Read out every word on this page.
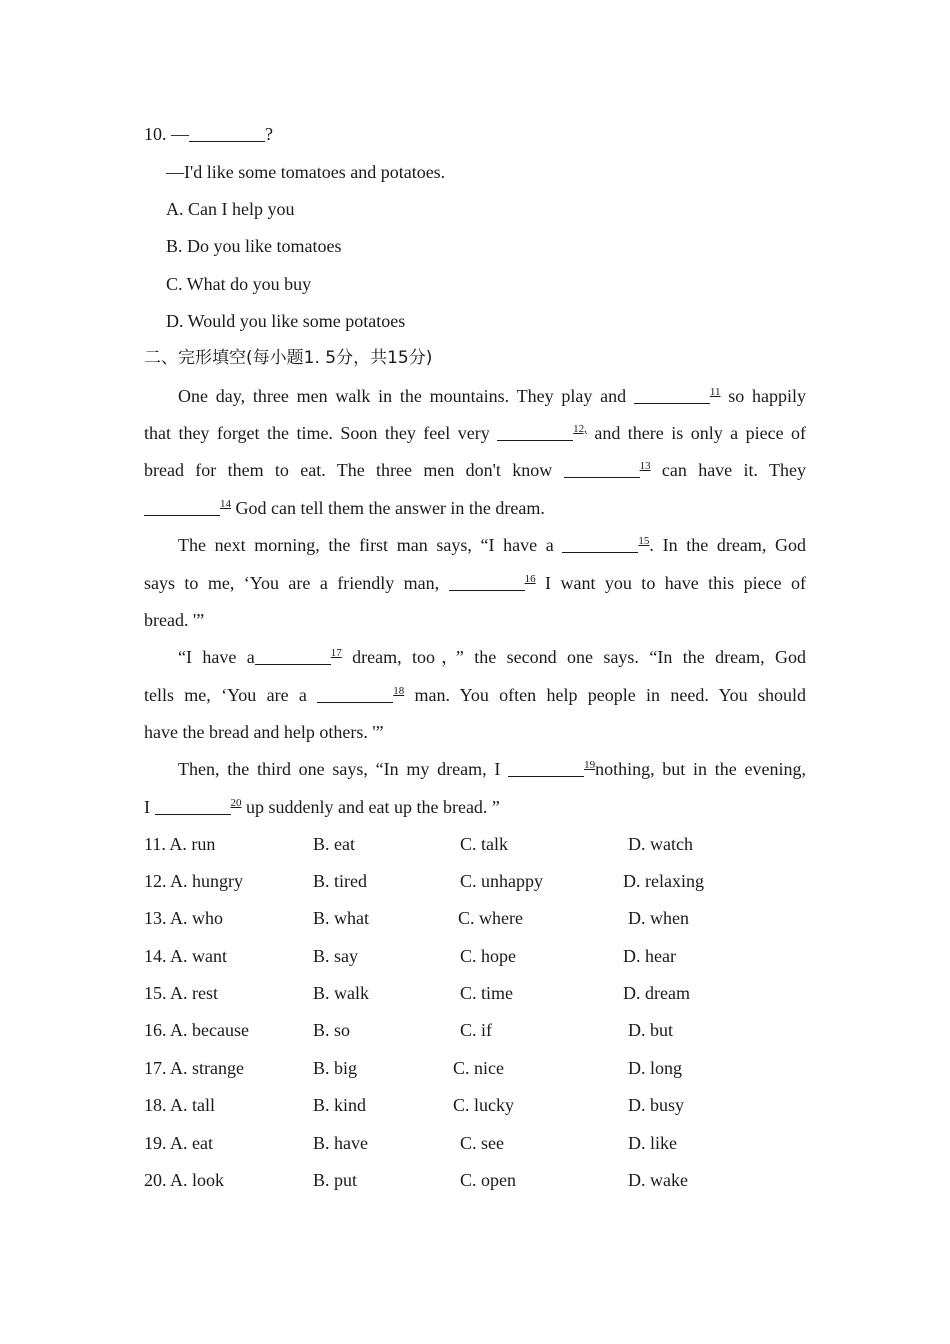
10. —	?
—I'd like some tomatoes and potatoes.
A. Can I help you
B. Do you like tomatoes
C. What do you buy
D. Would you like some potatoes
二、完形填空(每小题1. 5分，共15分)
One day, three men walk in the mountains. They play and	$^{11}$ so happily
that they forget the time. Soon they feel very	$^{12,}$ and there is only a piece of
bread for them to eat. The three men don't know	$^{13}$ can have it. They
$^{14}$ God can tell them the answer in the dream.
The next morning, the first man says, “I have a	$^{15}$. In the dream, God
says to me, ‘You are a friendly man,	$^{16}$ I want you to have this piece of
bread. '”
“I have a	$^{17}$ dream, too，” the second one says. “In the dream, God
tells me, ‘You are a	$^{18}$ man. You often help people in need. You should
have the bread and help others. '”
Then, the third one says, “In my dream, I	$^{19}$nothing, but in the evening,
I	$^{20}$ up suddenly and eat up the bread. ”
11. A. run	B. eat	C. talk	D. watch
12. A. hungry	B. tired	C. unhappy	D. relaxing
13. A. who	B. what	C. where	D. when
14. A. want	B. say	C. hope	D. hear
15. A. rest	B. walk	C. time	D. dream
16. A. because	B. so	C. if	D. but
17. A. strange	B. big	C. nice	D. long
18. A. tall	B. kind	C. lucky	D. busy
19. A. eat	B. have	C. see	D. like
20. A. look	B. put	C. open	D. wake
